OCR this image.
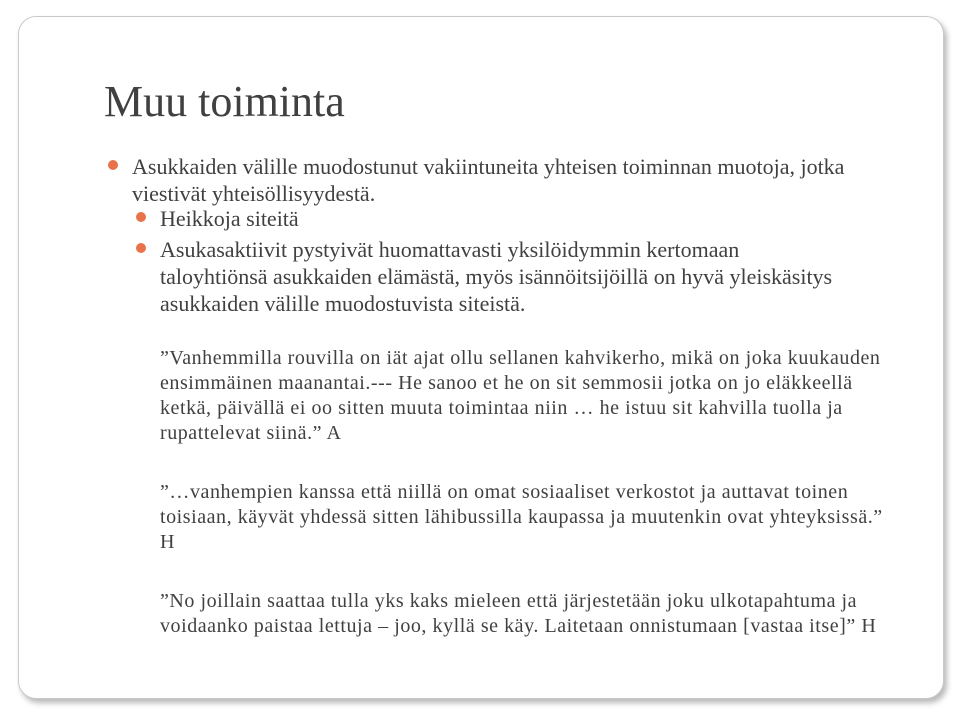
Muu toiminta

Asukkaiden välille muodostunut vakiintuneita yhteisen toiminnan muotoja, jotka viestivät yhteisöllisyydestä.

Heikkoja siteitä

Asukasaktiivit pystyivät huomattavasti yksilöidymmin kertomaan taloyhtiönsä asukkaiden elämästä, myös isännöitsijöillä on hyvä yleiskäsitys asukkaiden välille muodostuvista siteistä.

”Vanhemmilla rouvilla on iät ajat ollu sellanen kahvikerho, mikä on joka kuukauden ensimmäinen maanantai.--- He sanoo et he on sit semmosii jotka on jo eläkkeellä ketkä, päivällä ei oo sitten muuta toimintaa niin … he istuu sit kahvilla tuolla ja rupattelevat siinä.” A

”…vanhempien kanssa että niillä on omat sosiaaliset verkostot ja auttavat toinen toisiaan, käyvät yhdessä sitten lähibussilla kaupassa ja muutenkin ovat yhteyksissä.” H

”No joillain saattaa tulla yks kaks mieleen että järjestetään joku ulkotapahtuma ja voidaanko paistaa lettuja – joo, kyllä se käy. Laitetaan onnistumaan [vastaa itse]” H
